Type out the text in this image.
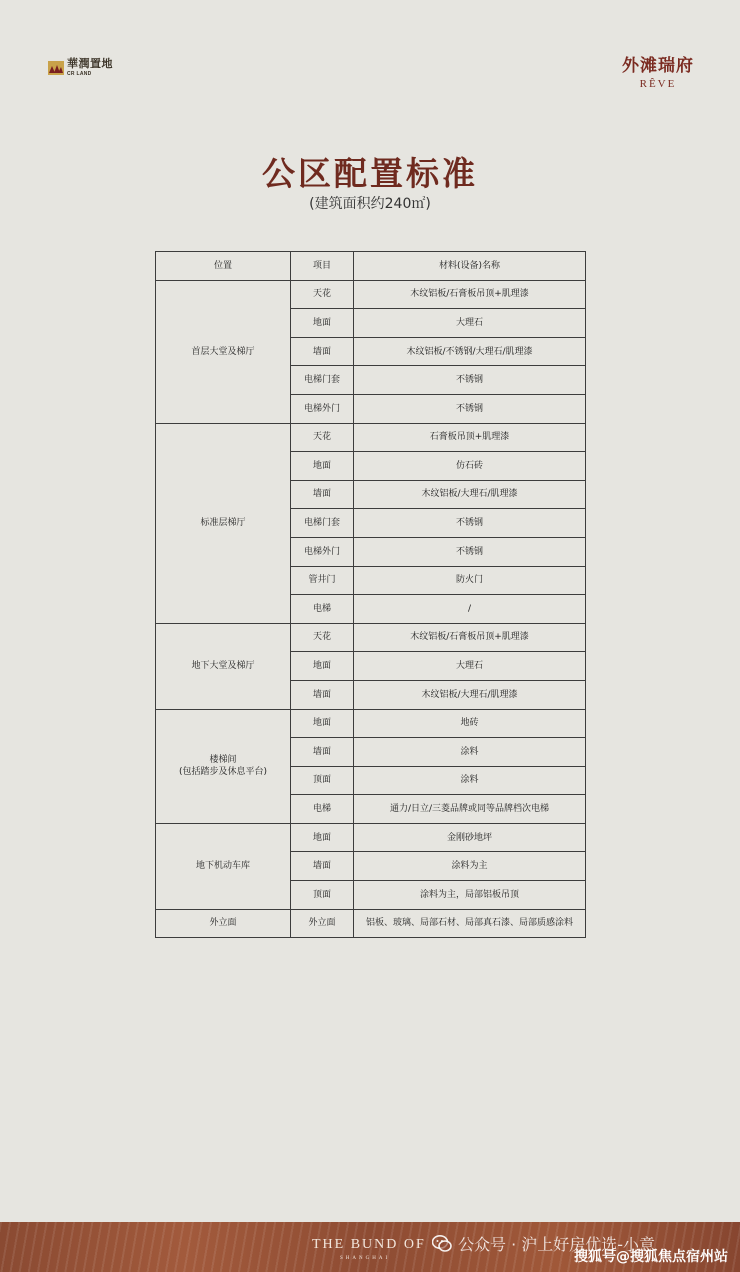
華潤置地
CR LAND	外滩瑞府
RÊVE
公区配置标准
(建筑面积约240㎡)
位置	项目	材料(设备)名称
首层大堂及梯厅	天花	木纹铝板/石膏板吊顶+肌理漆
	地面	大理石
	墙面	木纹铝板/不锈钢/大理石/肌理漆
	电梯门套	不锈钢
	电梯外门	不锈钢
标准层梯厅	天花	石膏板吊顶+肌理漆
	地面	仿石砖
	墙面	木纹铝板/大理石/肌理漆
	电梯门套	不锈钢
	电梯外门	不锈钢
	管井门	防火门
	电梯	/
地下大堂及梯厅	天花	木纹铝板/石膏板吊顶+肌理漆
	地面	大理石
	墙面	木纹铝板/大理石/肌理漆
楼梯间
(包括踏步及休息平台)	地面	地砖
	墙面	涂料
	顶面	涂料
	电梯	通力/日立/三菱品牌或同等品牌档次电梯
地下机动车库	地面	金刚砂地坪
	墙面	涂料为主
	顶面	涂料为主，局部铝板吊顶
外立面	外立面	铝板、玻璃、局部石材、局部真石漆、局部质感涂料
THE BUND OF
SHANGHAI
公众号 · 沪上好房优选-小意
搜狐号@搜狐焦点宿州站
